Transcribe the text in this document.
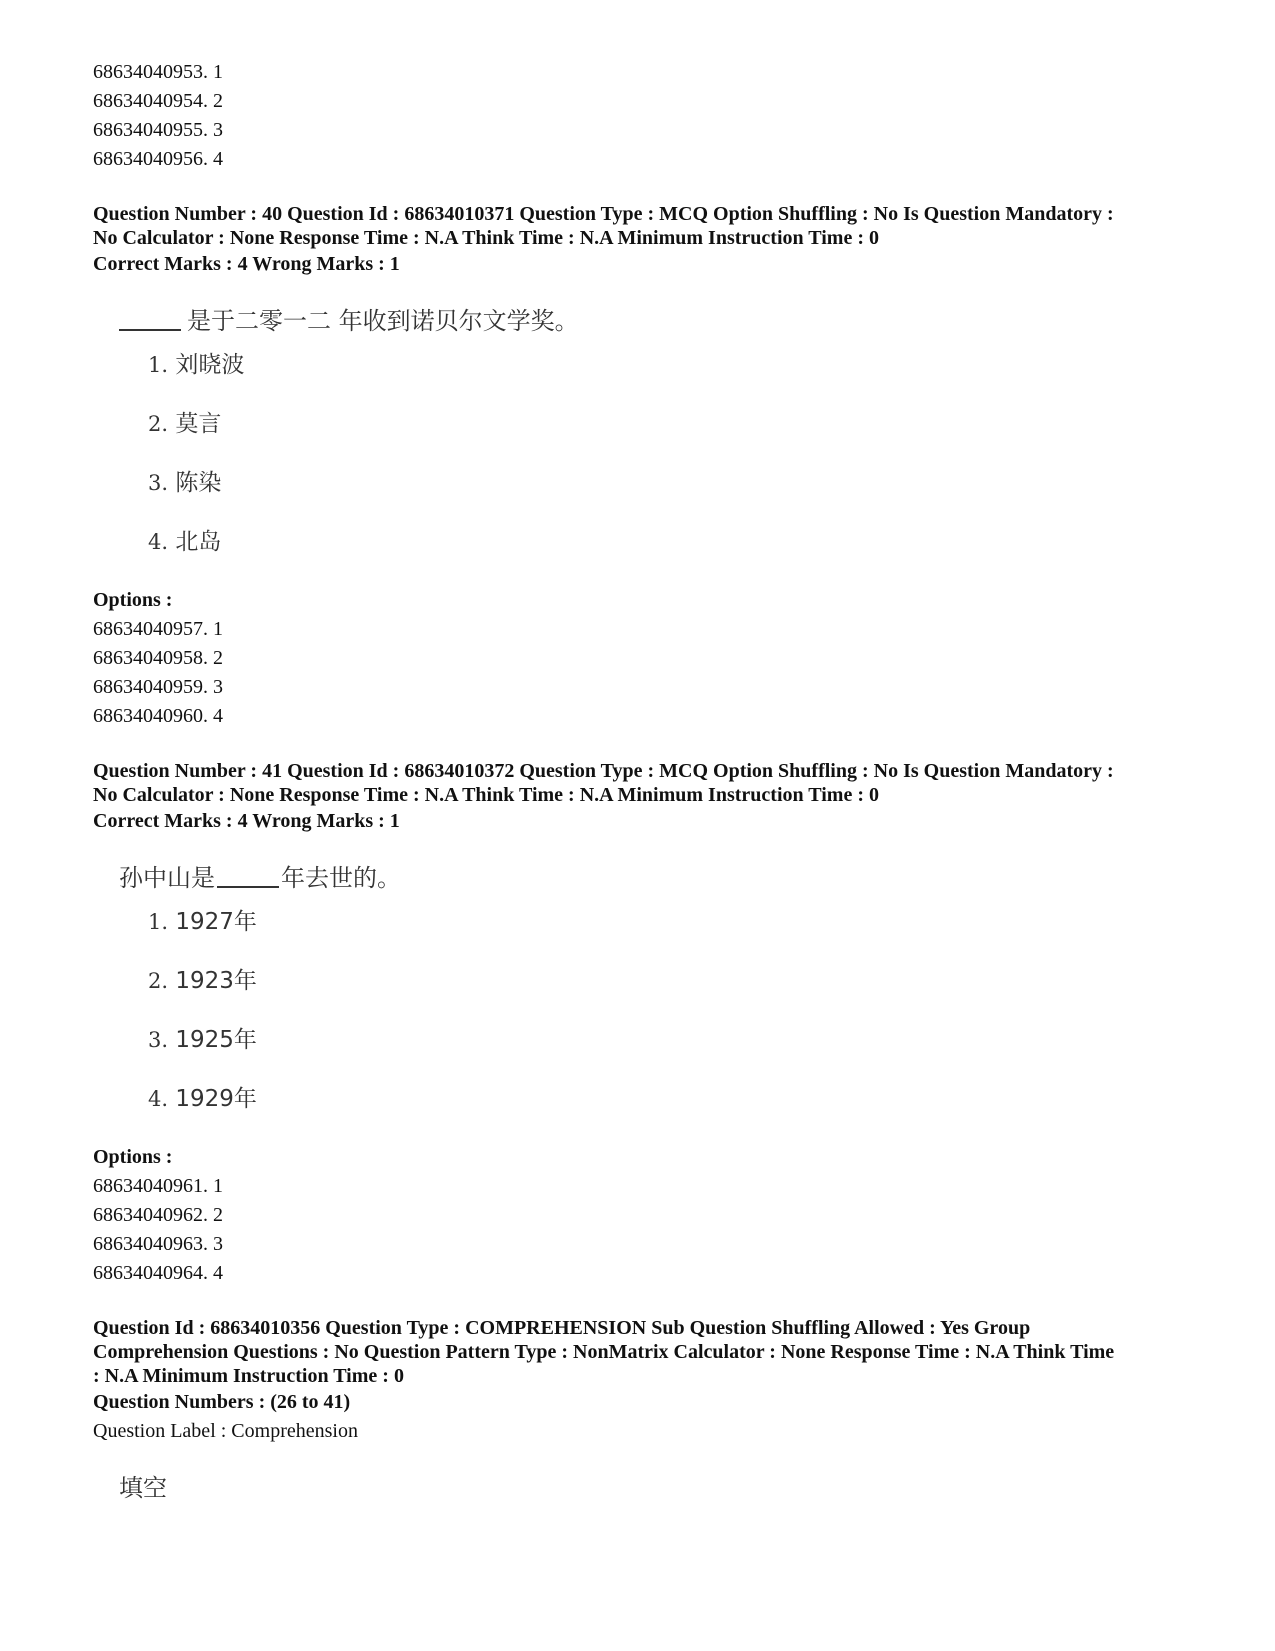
68634040953. 1
68634040954. 2
68634040955. 3
68634040956. 4
Question Number : 40 Question Id : 68634010371 Question Type : MCQ Option Shuffling : No Is Question Mandatory :
No Calculator : None Response Time : N.A Think Time : N.A Minimum Instruction Time : 0
Correct Marks : 4 Wrong Marks : 1
是于二零一二 年收到诺贝尔文学奖。
1. 刘晓波
2. 莫言
3. 陈染
4. 北岛
Options :
68634040957. 1
68634040958. 2
68634040959. 3
68634040960. 4
Question Number : 41 Question Id : 68634010372 Question Type : MCQ Option Shuffling : No Is Question Mandatory :
No Calculator : None Response Time : N.A Think Time : N.A Minimum Instruction Time : 0
Correct Marks : 4 Wrong Marks : 1
孙中山是	年去世的。
1. 1927年
2. 1923年
3. 1925年
4. 1929年
Options :
68634040961. 1
68634040962. 2
68634040963. 3
68634040964. 4
Question Id : 68634010356 Question Type : COMPREHENSION Sub Question Shuffling Allowed : Yes Group
Comprehension Questions : No Question Pattern Type : NonMatrix Calculator : None Response Time : N.A Think Time
: N.A Minimum Instruction Time : 0
Question Numbers : (26 to 41)
Question Label : Comprehension
填空
